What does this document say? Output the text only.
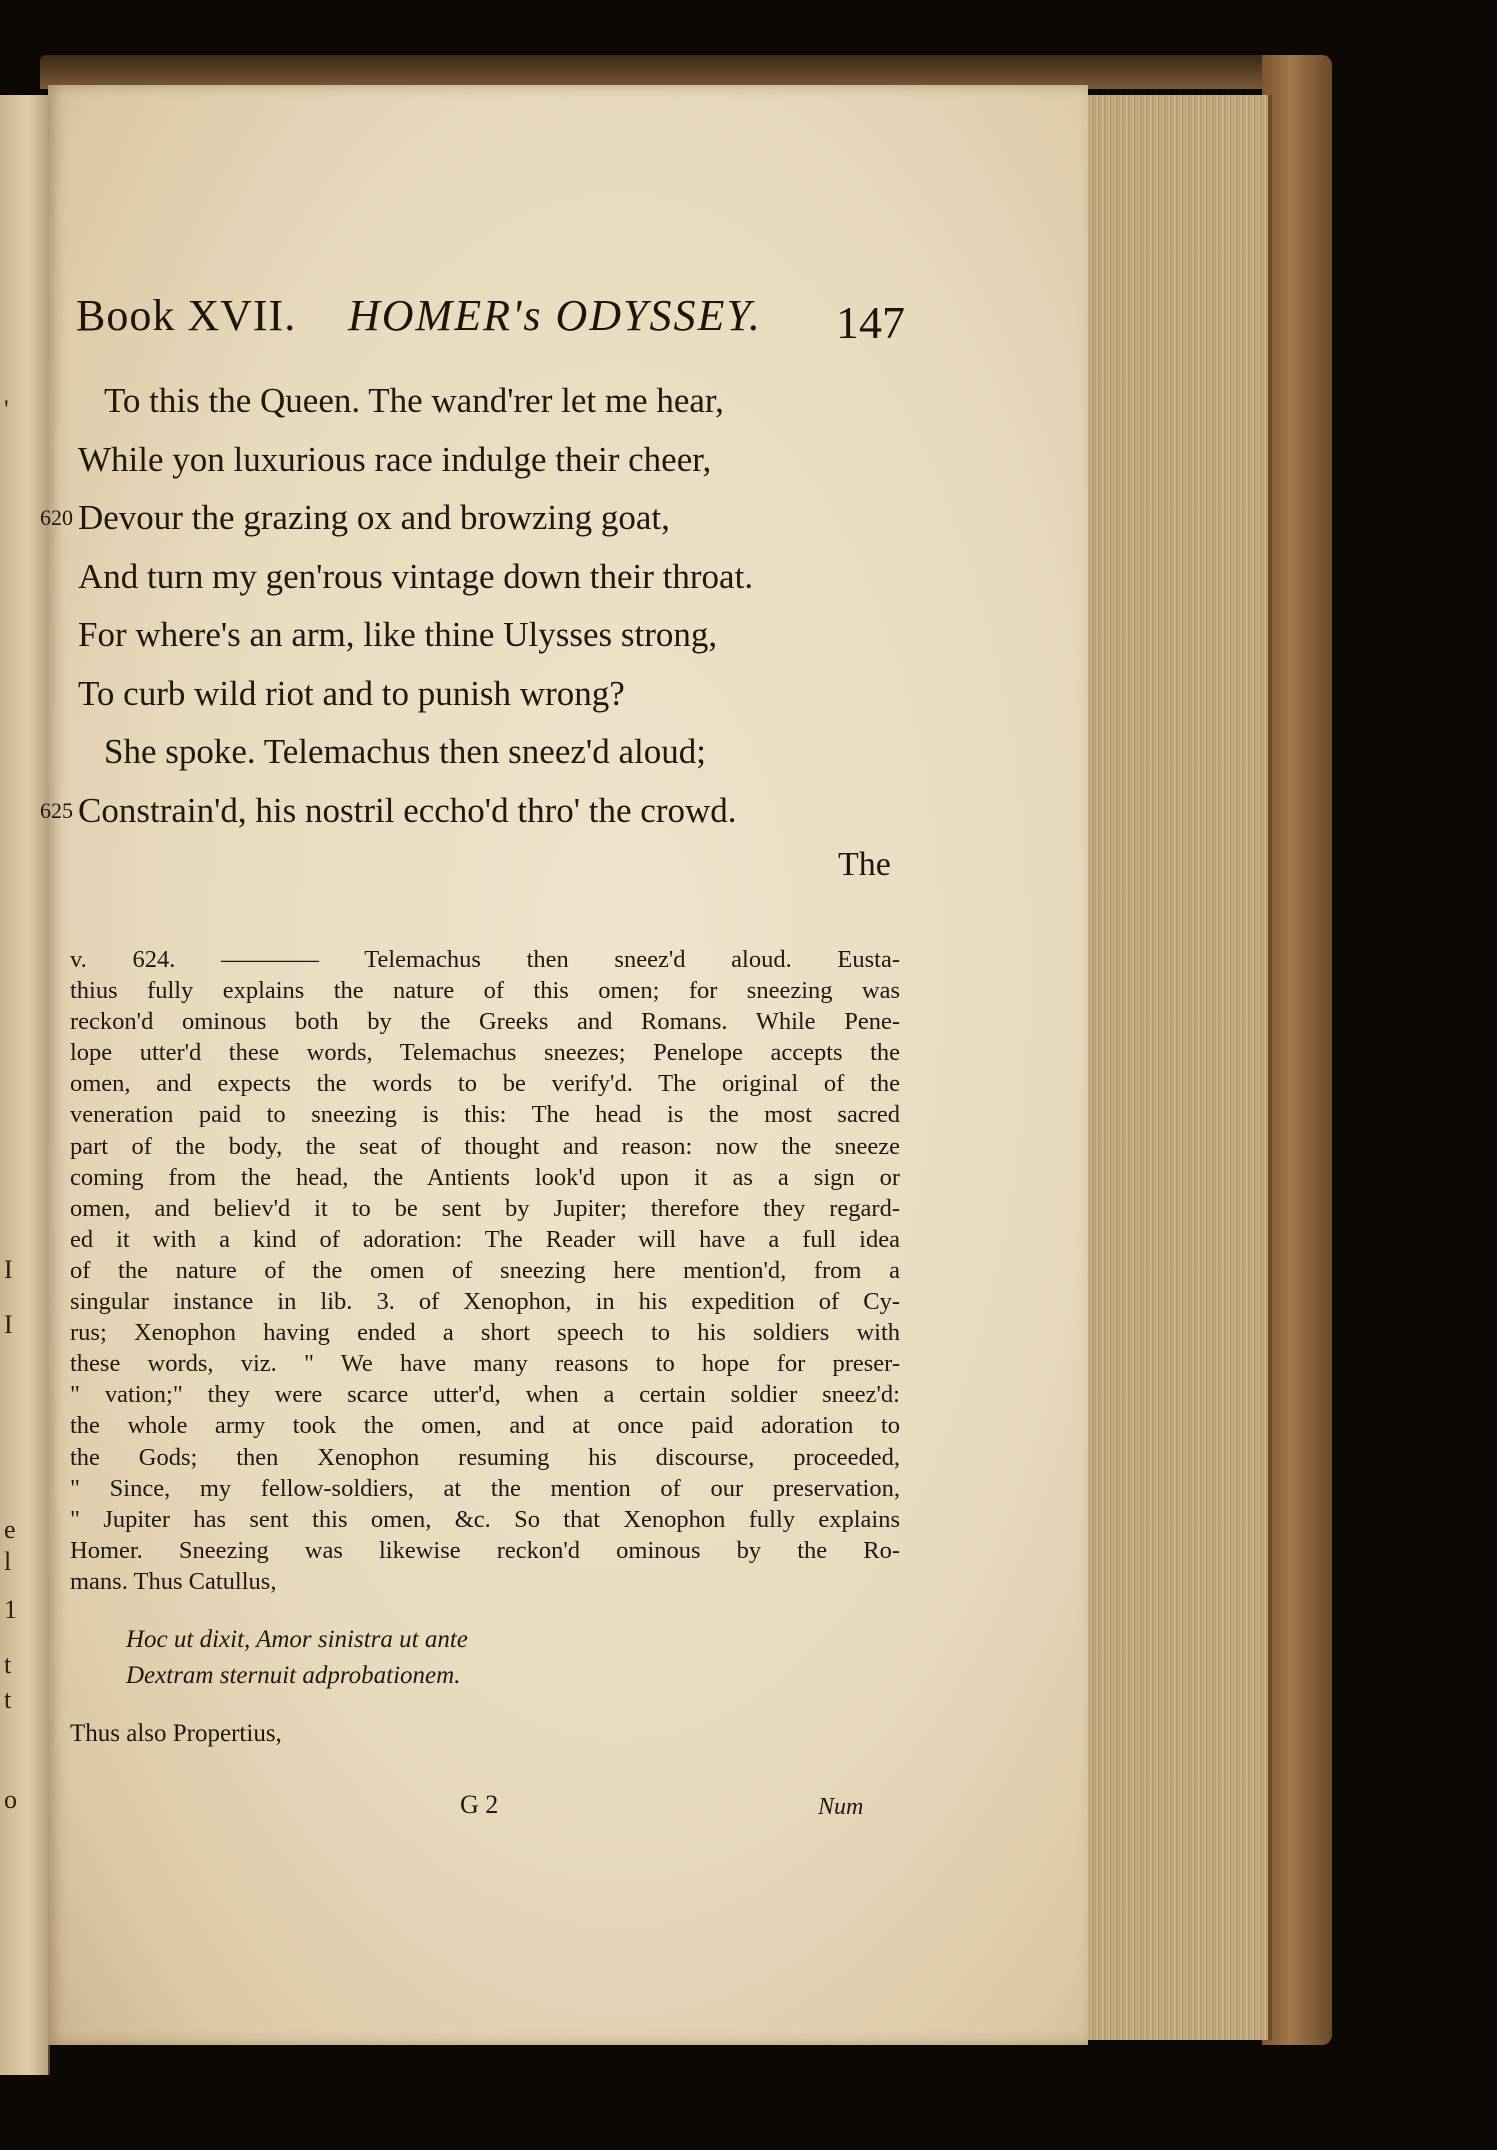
'
I
I
e
l
1
t
t
o
Book XVII. HOMER's ODYSSEY. 147
To this the Queen. The wand'rer let me hear,
While yon luxurious race indulge their cheer,
620 Devour the grazing ox and browzing goat,
And turn my gen'rous vintage down their throat.
For where's an arm, like thine Ulysses strong,
To curb wild riot and to punish wrong?
She spoke. Telemachus then sneez'd aloud;
625 Constrain'd, his nostril eccho'd thro' the crowd.
The
v. 624. ———— Telemachus then sneez'd aloud. Eusta-
thius fully explains the nature of this omen; for sneezing was
reckon'd ominous both by the Greeks and Romans. While Pene-
lope utter'd these words, Telemachus sneezes; Penelope accepts the
omen, and expects the words to be verify'd. The original of the
veneration paid to sneezing is this: The head is the most sacred
part of the body, the seat of thought and reason: now the sneeze
coming from the head, the Antients look'd upon it as a sign or
omen, and believ'd it to be sent by Jupiter; therefore they regard-
ed it with a kind of adoration: The Reader will have a full idea
of the nature of the omen of sneezing here mention'd, from a
singular instance in lib. 3. of Xenophon, in his expedition of Cy-
rus; Xenophon having ended a short speech to his soldiers with
these words, viz. " We have many reasons to hope for preser-
" vation;" they were scarce utter'd, when a certain soldier sneez'd:
the whole army took the omen, and at once paid adoration to
the Gods; then Xenophon resuming his discourse, proceeded,
" Since, my fellow-soldiers, at the mention of our preservation,
" Jupiter has sent this omen, &c. So that Xenophon fully explains
Homer. Sneezing was likewise reckon'd ominous by the Ro-
mans. Thus Catullus,
Hoc ut dixit, Amor sinistra ut ante
Dextram sternuit adprobationem.
Thus also Propertius,
G 2	Num
